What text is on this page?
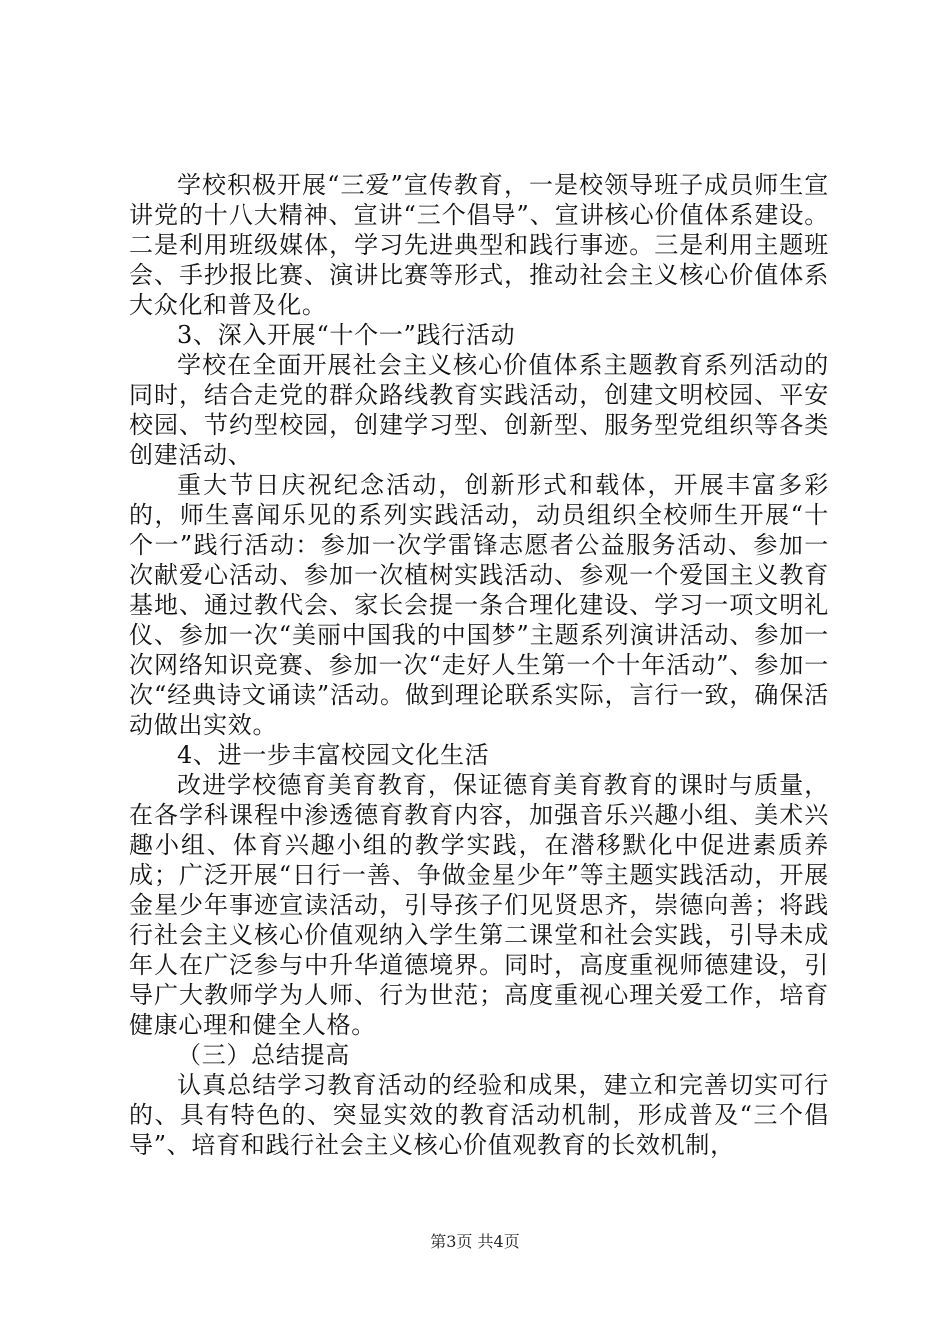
学校积极开展“三爱”宣传教育，一是校领导班子成员师生宣讲党的十八大精神、宣讲“三个倡导”、宣讲核心价值体系建设。二是利用班级媒体，学习先进典型和践行事迹。三是利用主题班会、手抄报比赛、演讲比赛等形式，推动社会主义核心价值体系大众化和普及化。

3、深入开展“十个一”践行活动

学校在全面开展社会主义核心价值体系主题教育系列活动的同时，结合走党的群众路线教育实践活动，创建文明校园、平安校园、节约型校园，创建学习型、创新型、服务型党组织等各类创建活动、

重大节日庆祝纪念活动，创新形式和载体，开展丰富多彩的，师生喜闻乐见的系列实践活动，动员组织全校师生开展“十个一”践行活动：参加一次学雷锋志愿者公益服务活动、参加一次献爱心活动、参加一次植树实践活动、参观一个爱国主义教育基地、通过教代会、家长会提一条合理化建设、学习一项文明礼仪、参加一次“美丽中国我的中国梦”主题系列演讲活动、参加一次网络知识竞赛、参加一次“走好人生第一个十年活动”、参加一次“经典诗文诵读”活动。做到理论联系实际，言行一致，确保活动做出实效。

4、进一步丰富校园文化生活

改进学校德育美育教育，保证德育美育教育的课时与质量，在各学科课程中渗透德育教育内容，加强音乐兴趣小组、美术兴趣小组、体育兴趣小组的教学实践，在潜移默化中促进素质养成；广泛开展“日行一善、争做金星少年”等主题实践活动，开展金星少年事迹宣读活动，引导孩子们见贤思齐，崇德向善；将践行社会主义核心价值观纳入学生第二课堂和社会实践，引导未成年人在广泛参与中升华道德境界。同时，高度重视师德建设，引导广大教师学为人师、行为世范；高度重视心理关爱工作，培育健康心理和健全人格。

（三）总结提高

认真总结学习教育活动的经验和成果，建立和完善切实可行的、具有特色的、突显实效的教育活动机制，形成普及“三个倡导”、培育和践行社会主义核心价值观教育的长效机制，

第3页 共4页
